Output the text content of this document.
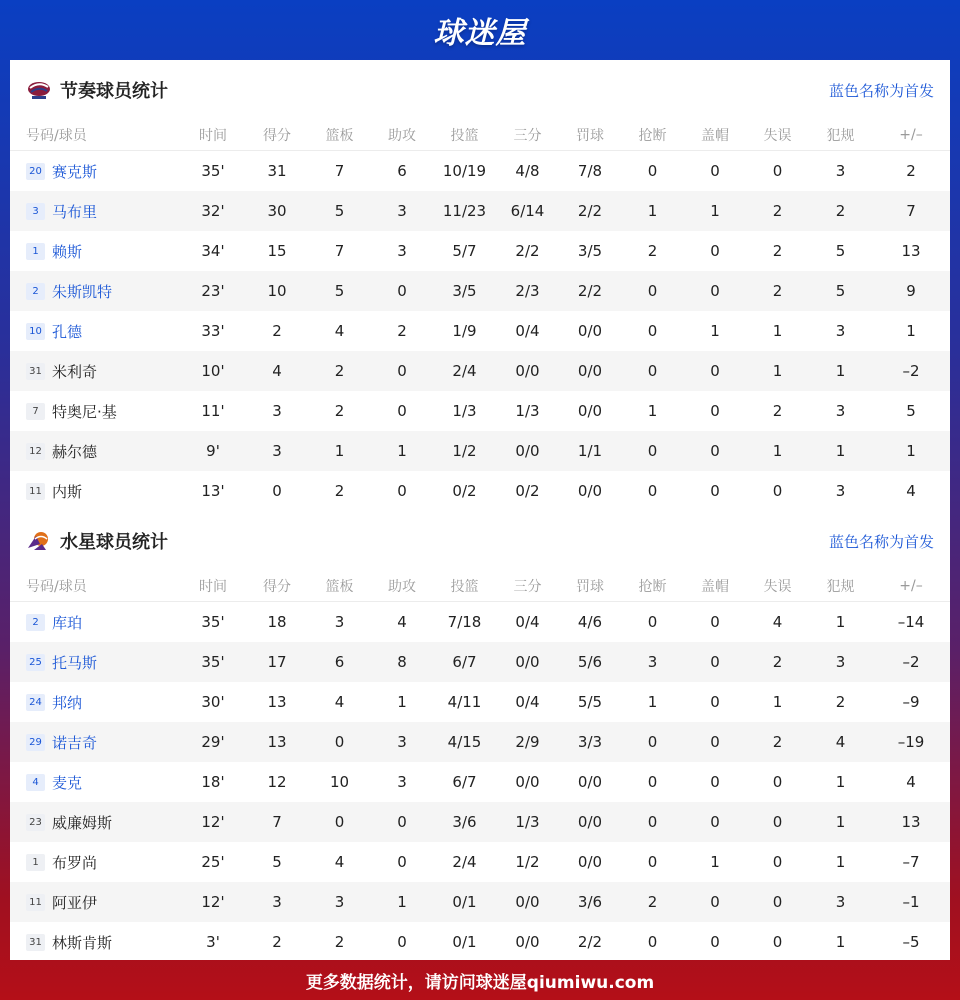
球迷屋
节奏球员统计	蓝色名称为首发
号码/球员	时间	得分	篮板	助攻	投篮	三分	罚球	抢断	盖帽	失误	犯规	+/–
20 赛克斯	35'	31	7	6	10/19	4/8	7/8	0	0	0	3	2
3 马布里	32'	30	5	3	11/23	6/14	2/2	1	1	2	2	7
1 赖斯	34'	15	7	3	5/7	2/2	3/5	2	0	2	5	13
2 朱斯凯特	23'	10	5	0	3/5	2/3	2/2	0	0	2	5	9
10 孔德	33'	2	4	2	1/9	0/4	0/0	0	1	1	3	1
31 米利奇	10'	4	2	0	2/4	0/0	0/0	0	0	1	1	–2
7 特奥尼·基	11'	3	2	0	1/3	1/3	0/0	1	0	2	3	5
12 赫尔德	9'	3	1	1	1/2	0/0	1/1	0	0	1	1	1
11 内斯	13'	0	2	0	0/2	0/2	0/0	0	0	0	3	4
水星球员统计	蓝色名称为首发
号码/球员	时间	得分	篮板	助攻	投篮	三分	罚球	抢断	盖帽	失误	犯规	+/–
2 库珀	35'	18	3	4	7/18	0/4	4/6	0	0	4	1	–14
25 托马斯	35'	17	6	8	6/7	0/0	5/6	3	0	2	3	–2
24 邦纳	30'	13	4	1	4/11	0/4	5/5	1	0	1	2	–9
29 诺吉奇	29'	13	0	3	4/15	2/9	3/3	0	0	2	4	–19
4 麦克	18'	12	10	3	6/7	0/0	0/0	0	0	0	1	4
23 威廉姆斯	12'	7	0	0	3/6	1/3	0/0	0	0	0	1	13
1 布罗尚	25'	5	4	0	2/4	1/2	0/0	0	1	0	1	–7
11 阿亚伊	12'	3	3	1	0/1	0/0	3/6	2	0	0	3	–1
31 林斯肯斯	3'	2	2	0	0/1	0/0	2/2	0	0	0	1	–5
更多数据统计，请访问球迷屋qiumiwu.com
